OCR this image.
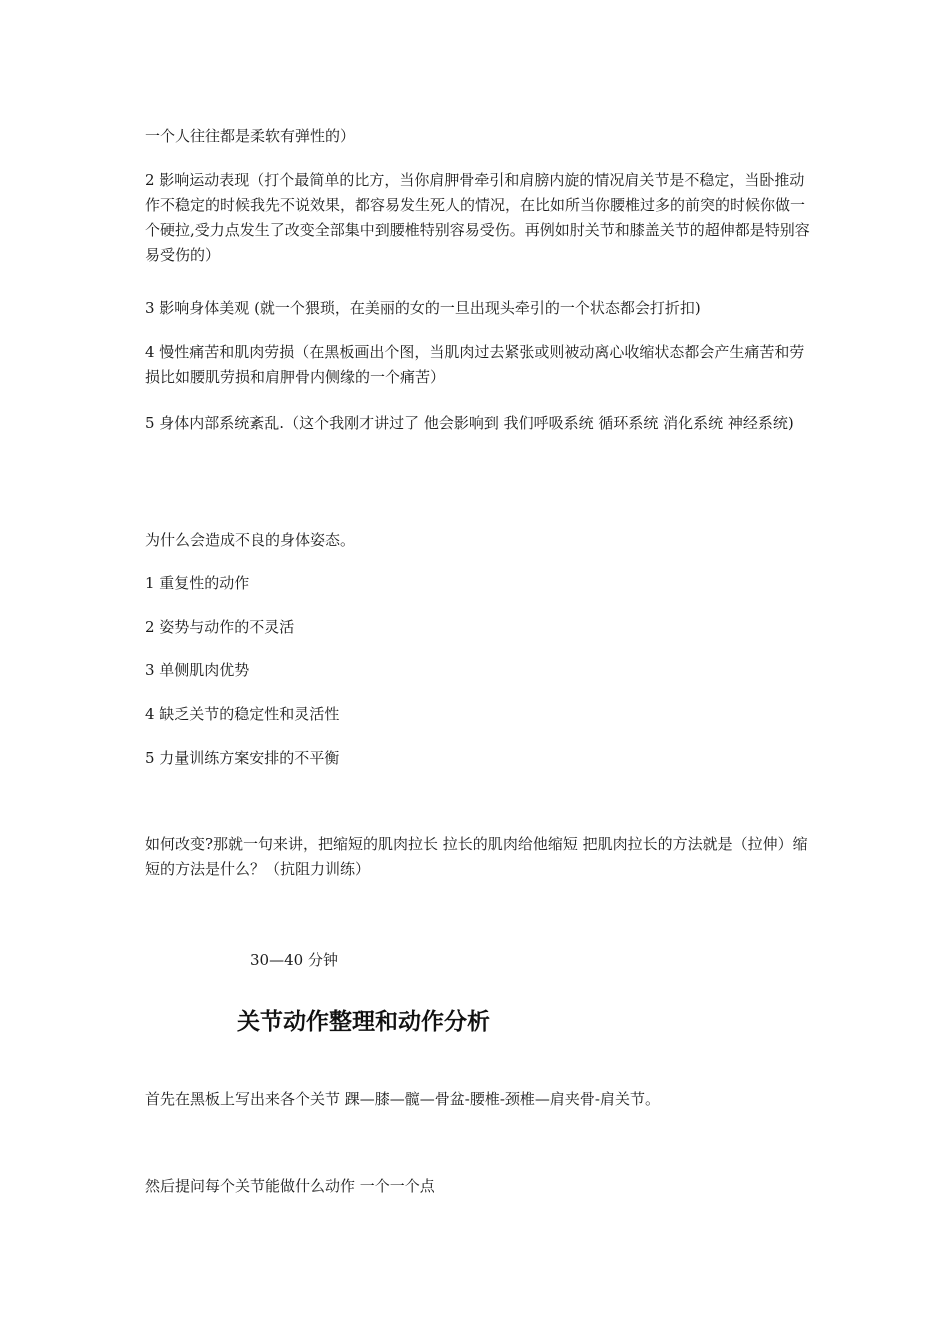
一个人往往都是柔软有弹性的）

2 影响运动表现（打个最简单的比方，当你肩胛骨牵引和肩膀内旋的情况肩关节是不稳定，当卧推动作不稳定的时候我先不说效果，都容易发生死人的情况，在比如所当你腰椎过多的前突的时候你做一个硬拉,受力点发生了改变全部集中到腰椎特别容易受伤。再例如肘关节和膝盖关节的超伸都是特别容易受伤的）

3 影响身体美观 (就一个猥琐，在美丽的女的一旦出现头牵引的一个状态都会打折扣)

4 慢性痛苦和肌肉劳损（在黑板画出个图，当肌肉过去紧张或则被动离心收缩状态都会产生痛苦和劳损比如腰肌劳损和肩胛骨内侧缘的一个痛苦）

5 身体内部系统紊乱.（这个我刚才讲过了 他会影响到 我们呼吸系统 循环系统 消化系统 神经系统)

为什么会造成不良的身体姿态。

1 重复性的动作

2 姿势与动作的不灵活

3 单侧肌肉优势

4 缺乏关节的稳定性和灵活性

5 力量训练方案安排的不平衡

如何改变?那就一句来讲，把缩短的肌肉拉长 拉长的肌肉给他缩短 把肌肉拉长的方法就是（拉伸）缩短的方法是什么？（抗阻力训练）

30—40 分钟

关节动作整理和动作分析

首先在黑板上写出来各个关节 踝—膝—髋—骨盆-腰椎-颈椎—肩夹骨-肩关节。

然后提问每个关节能做什么动作 一个一个点
